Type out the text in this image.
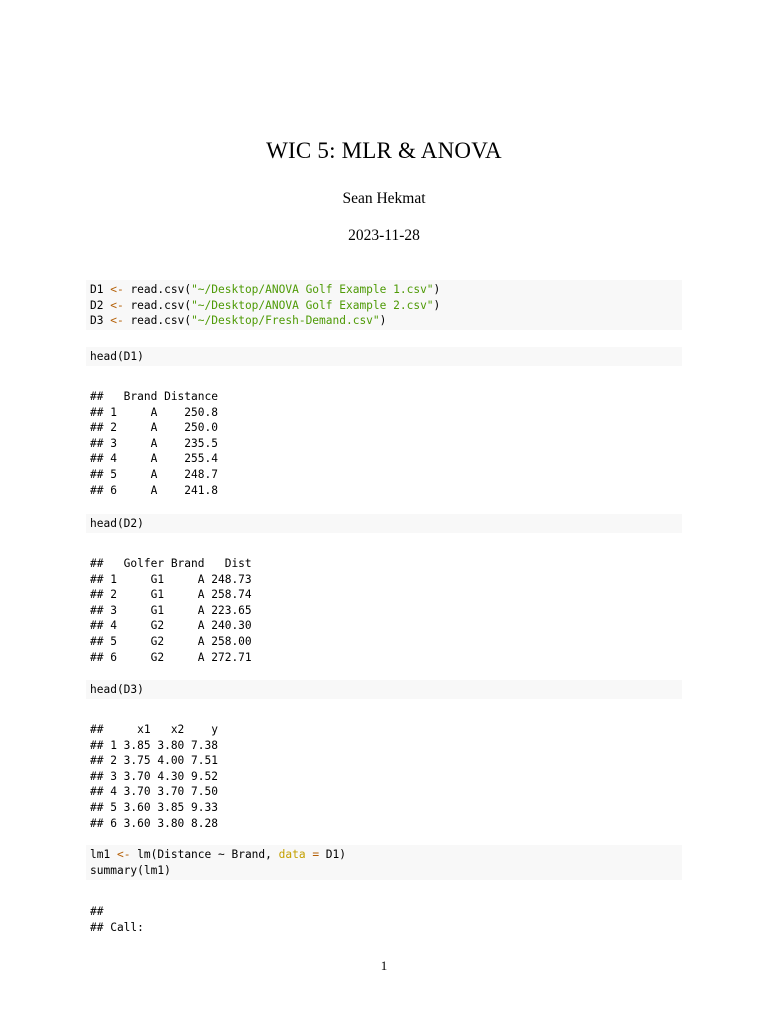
WIC 5: MLR & ANOVA
Sean Hekmat
2023-11-28
D1 <- read.csv("~/Desktop/ANOVA Golf Example 1.csv")
D2 <- read.csv("~/Desktop/ANOVA Golf Example 2.csv")
D3 <- read.csv("~/Desktop/Fresh-Demand.csv")
head(D1)
##   Brand Distance
## 1     A    250.8
## 2     A    250.0
## 3     A    235.5
## 4     A    255.4
## 5     A    248.7
## 6     A    241.8
head(D2)
##   Golfer Brand   Dist
## 1     G1     A 248.73
## 2     G1     A 258.74
## 3     G1     A 223.65
## 4     G2     A 240.30
## 5     G2     A 258.00
## 6     G2     A 272.71
head(D3)
##     x1   x2    y
## 1 3.85 3.80 7.38
## 2 3.75 4.00 7.51
## 3 3.70 4.30 9.52
## 4 3.70 3.70 7.50
## 5 3.60 3.85 9.33
## 6 3.60 3.80 8.28
lm1 <- lm(Distance ~ Brand, data = D1)
summary(lm1)
##
## Call:
1
